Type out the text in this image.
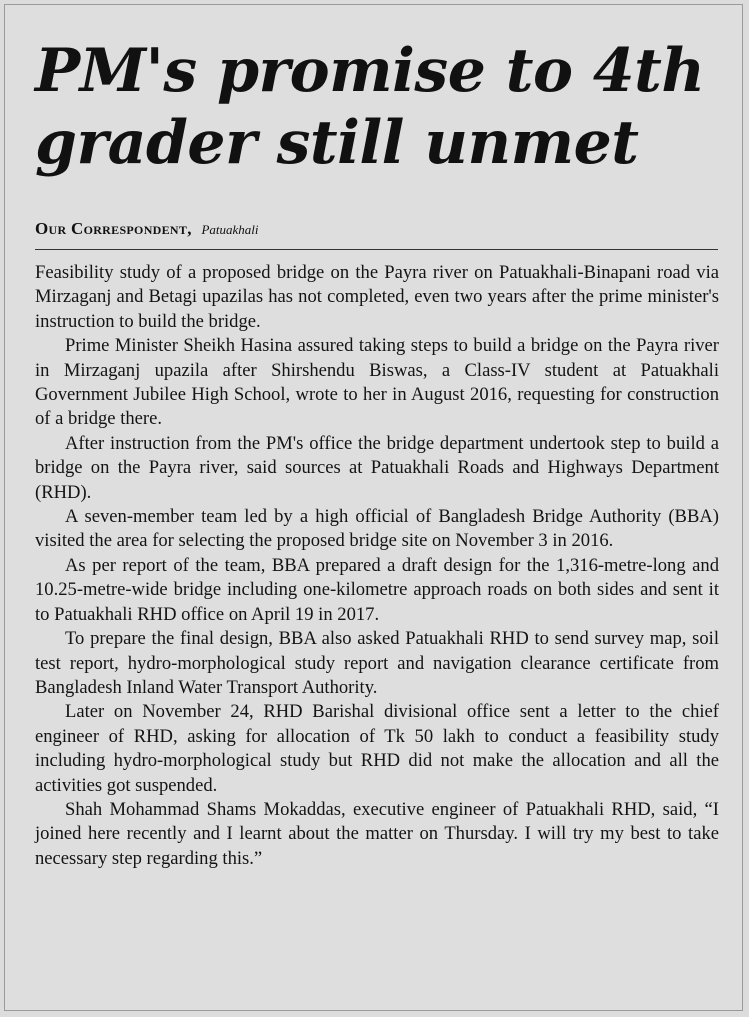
PM's promise to 4th grader still unmet
Our Correspondent, Patuakhali

Feasibility study of a proposed bridge on the Payra river on Patuakhali-Binapani road via Mirzaganj and Betagi upazilas has not completed, even two years after the prime minister's instruction to build the bridge.

Prime Minister Sheikh Hasina assured taking steps to build a bridge on the Payra river in Mirzaganj upazila after Shirshendu Biswas, a Class-IV student at Patuakhali Government Jubilee High School, wrote to her in August 2016, requesting for construction of a bridge there.

After instruction from the PM's office the bridge department undertook step to build a bridge on the Payra river, said sources at Patuakhali Roads and Highways Department (RHD).

A seven-member team led by a high official of Bangladesh Bridge Authority (BBA) visited the area for selecting the proposed bridge site on November 3 in 2016.

As per report of the team, BBA prepared a draft design for the 1,316-metre-long and 10.25-metre-wide bridge including one-kilometre approach roads on both sides and sent it to Patuakhali RHD office on April 19 in 2017.

To prepare the final design, BBA also asked Patuakhali RHD to send survey map, soil test report, hydro-morphological study report and navigation clearance certificate from Bangladesh Inland Water Transport Authority.

Later on November 24, RHD Barishal divisional office sent a letter to the chief engineer of RHD, asking for allocation of Tk 50 lakh to conduct a feasibility study including hydro-morphological study but RHD did not make the allocation and all the activities got suspended.

Shah Mohammad Shams Mokaddas, executive engineer of Patuakhali RHD, said, “I joined here recently and I learnt about the matter on Thursday. I will try my best to take necessary step regarding this.”
